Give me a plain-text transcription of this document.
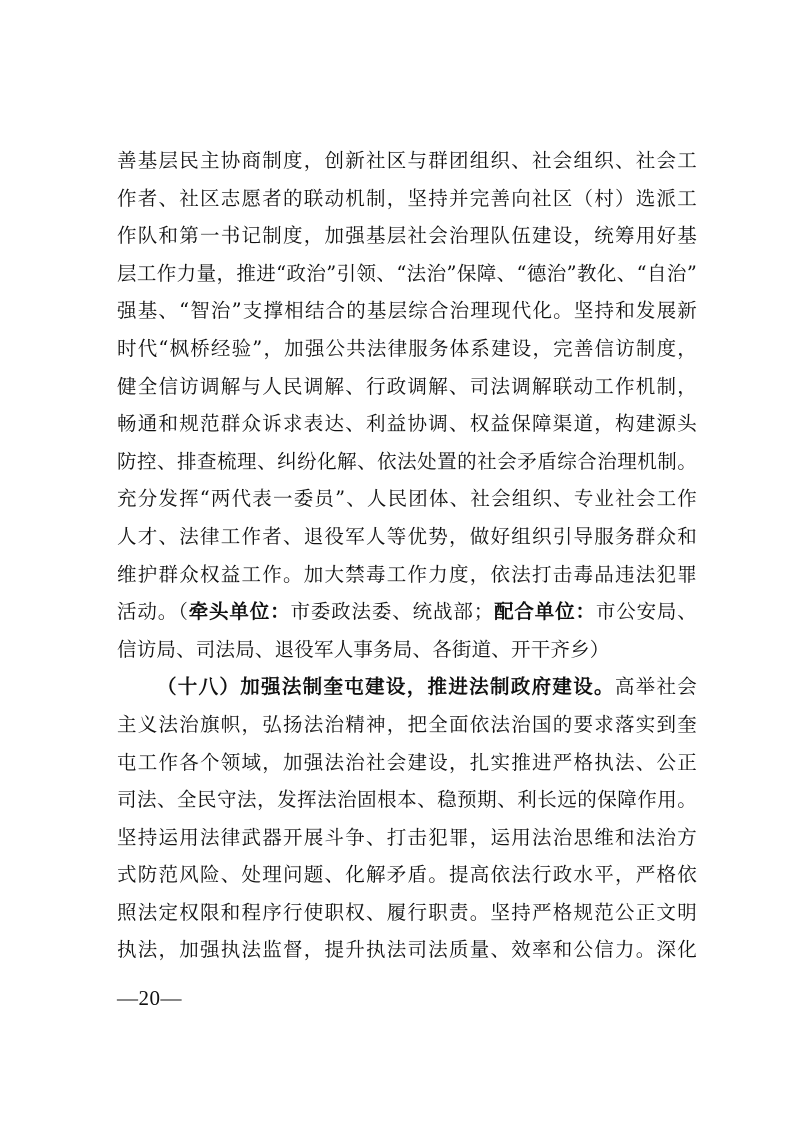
善基层民主协商制度，创新社区与群团组织、社会组织、社会工
作者、社区志愿者的联动机制，坚持并完善向社区（村）选派工
作队和第一书记制度，加强基层社会治理队伍建设，统筹用好基
层工作力量，推进“政治”引领、“法治”保障、“德治”教化、“自治”
强基、“智治”支撑相结合的基层综合治理现代化。坚持和发展新
时代“枫桥经验”，加强公共法律服务体系建设，完善信访制度，
健全信访调解与人民调解、行政调解、司法调解联动工作机制，
畅通和规范群众诉求表达、利益协调、权益保障渠道，构建源头
防控、排查梳理、纠纷化解、依法处置的社会矛盾综合治理机制。
充分发挥“两代表一委员”、人民团体、社会组织、专业社会工作
人才、法律工作者、退役军人等优势，做好组织引导服务群众和
维护群众权益工作。加大禁毒工作力度，依法打击毒品违法犯罪
活动。（牵头单位：市委政法委、统战部；配合单位：市公安局、
信访局、司法局、退役军人事务局、各街道、开干齐乡）
（十八）加强法制奎屯建设，推进法制政府建设。高举社会
主义法治旗帜，弘扬法治精神，把全面依法治国的要求落实到奎
屯工作各个领域，加强法治社会建设，扎实推进严格执法、公正
司法、全民守法，发挥法治固根本、稳预期、利长远的保障作用。
坚持运用法律武器开展斗争、打击犯罪，运用法治思维和法治方
式防范风险、处理问题、化解矛盾。提高依法行政水平，严格依
照法定权限和程序行使职权、履行职责。坚持严格规范公正文明
执法，加强执法监督，提升执法司法质量、效率和公信力。深化
—20—
